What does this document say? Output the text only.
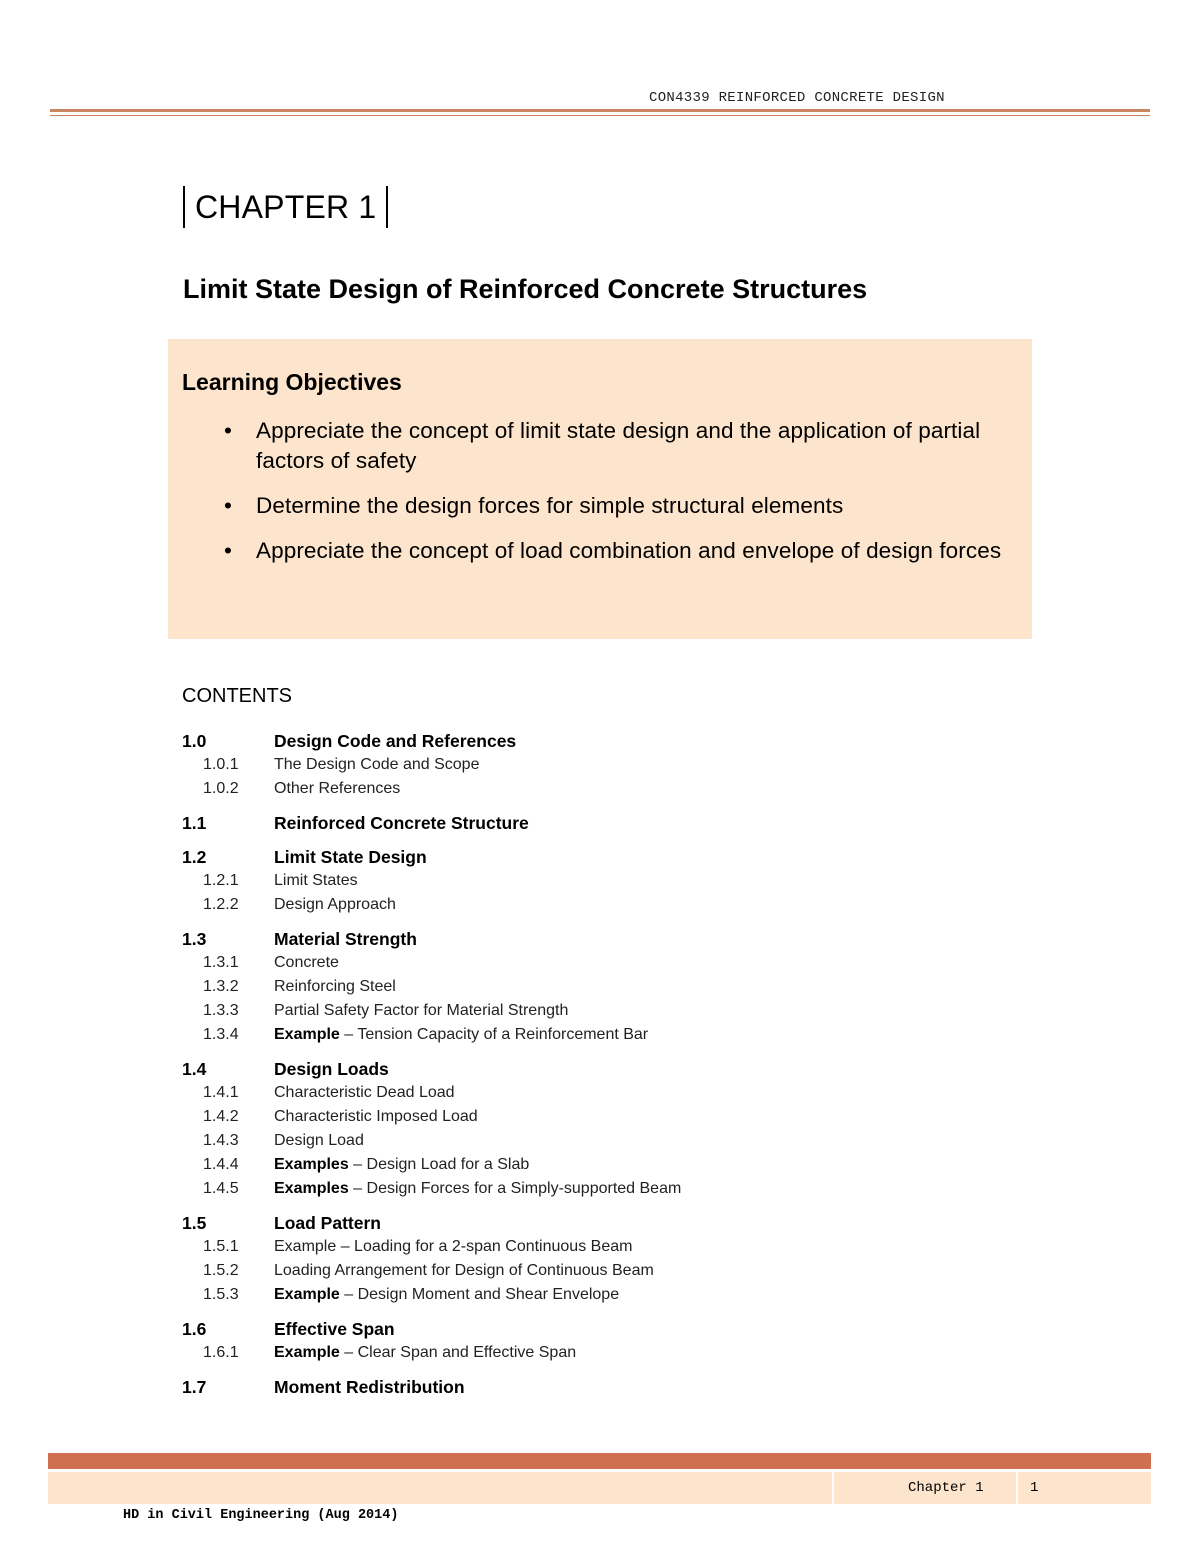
CON4339 REINFORCED CONCRETE DESIGN
CHAPTER 1
Limit State Design of Reinforced Concrete Structures
Learning Objectives
• Appreciate the concept of limit state design and the application of partial factors of safety
• Determine the design forces for simple structural elements
• Appreciate the concept of load combination and envelope of design forces
CONTENTS
1.0	Design Code and References
1.0.1 The Design Code and Scope
1.0.2 Other References
1.1	Reinforced Concrete Structure
1.2	Limit State Design
1.2.1 Limit States
1.2.2 Design Approach
1.3	Material Strength
1.3.1 Concrete
1.3.2 Reinforcing Steel
1.3.3 Partial Safety Factor for Material Strength
1.3.4 Example – Tension Capacity of a Reinforcement Bar
1.4	Design Loads
1.4.1 Characteristic Dead Load
1.4.2 Characteristic Imposed Load
1.4.3 Design Load
1.4.4 Examples – Design Load for a Slab
1.4.5 Examples – Design Forces for a Simply-supported Beam
1.5	Load Pattern
1.5.1 Example – Loading for a 2-span Continuous Beam
1.5.2 Loading Arrangement for Design of Continuous Beam
1.5.3 Example – Design Moment and Shear Envelope
1.6	Effective Span
1.6.1 Example – Clear Span and Effective Span
1.7	Moment Redistribution
Chapter 1	1
HD in Civil Engineering (Aug 2014)
